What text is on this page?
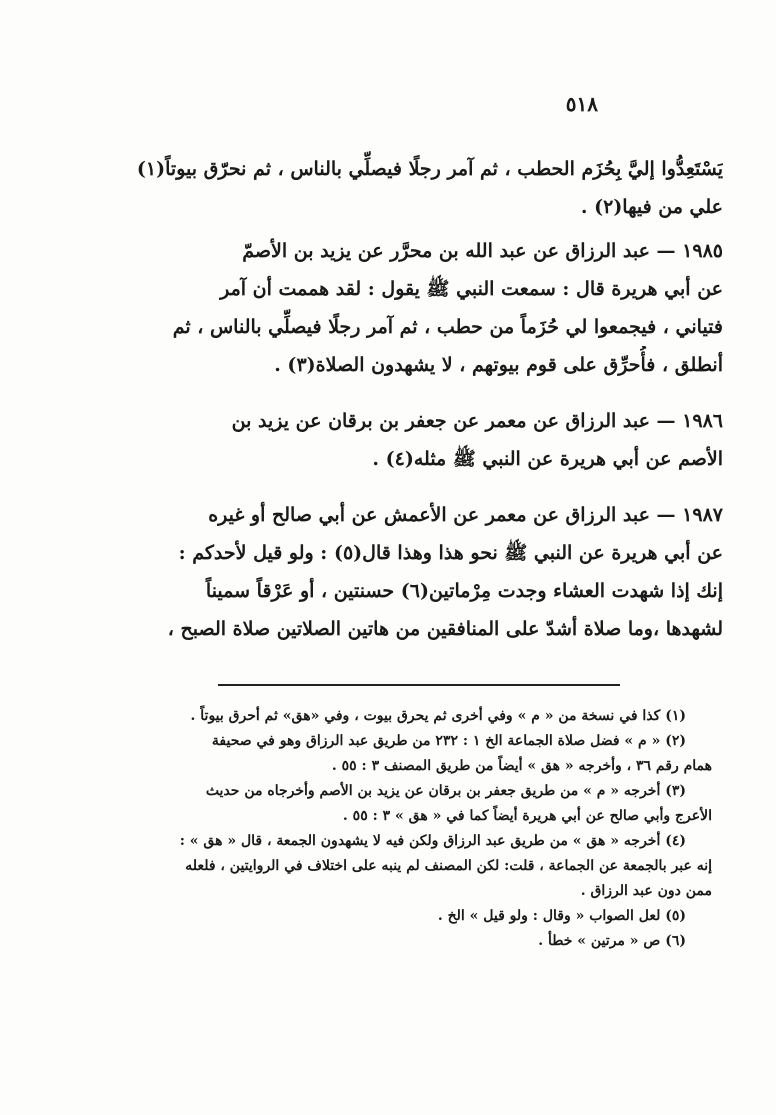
٥١٨
يَسْتَعِدُّوا إليَّ بِحُزَم الحطب ، ثم آمر رجلًا فيصلِّي بالناس ، ثم نحرّق بيوتاً(١)
علي من فيها(٢) .
١٩٨٥ — عبد الرزاق عن عبد الله بن محرَّر عن يزيد بن الأصمّ
عن أبي هريرة قال : سمعت النبي ﷺ يقول : لقد هممت أن آمر
فتياني ، فيجمعوا لي حُزَماً من حطب ، ثم آمر رجلًا فيصلِّي بالناس ، ثم
أنطلق ، فأُحرِّق على قوم بيوتهم ، لا يشهدون الصلاة(٣) .
١٩٨٦ — عبد الرزاق عن معمر عن جعفر بن برقان عن يزيد بن
الأصم عن أبي هريرة عن النبي ﷺ مثله(٤) .
١٩٨٧ — عبد الرزاق عن معمر عن الأعمش عن أبي صالح أو غيره
عن أبي هريرة عن النبي ﷺ نحو هذا وهذا قال(٥) : ولو قيل لأحدكم :
إنك إذا شهدت العشاء وجدت مِرْماتين(٦) حسنتين ، أو عَرْقاً سميناً
لشهدها ،وما صلاة أشدّ على المنافقين من هاتين الصلاتين صلاة الصبح ،
(١) كذا في نسخة من « م » وفي أخرى ثم يحرق بيوت ، وفي «هق» ثم أحرق بيوتاً .
(٢) « م » فضل صلاة الجماعة الخ ١ : ٢٣٢ من طريق عبد الرزاق وهو في صحيفة
همام رقم ٣٦ ، وأخرجه « هق » أيضاً من طريق المصنف ٣ : ٥٥ .
(٣) أخرجه « م » من طريق جعفر بن برقان عن يزيد بن الأصم وأخرجاه من حديث
الأعرج وأبي صالح عن أبي هريرة أيضاً كما في « هق » ٣ : ٥٥ .
(٤) أخرجه « هق » من طريق عبد الرزاق ولكن فيه لا يشهدون الجمعة ، قال « هق » :
إنه عبر بالجمعة عن الجماعة ، قلت: لكن المصنف لم ينبه على اختلاف في الروايتين ، فلعله
ممن دون عبد الرزاق .
(٥) لعل الصواب « وقال : ولو قيل » الخ .
(٦) ص « مرتين » خطأ .
